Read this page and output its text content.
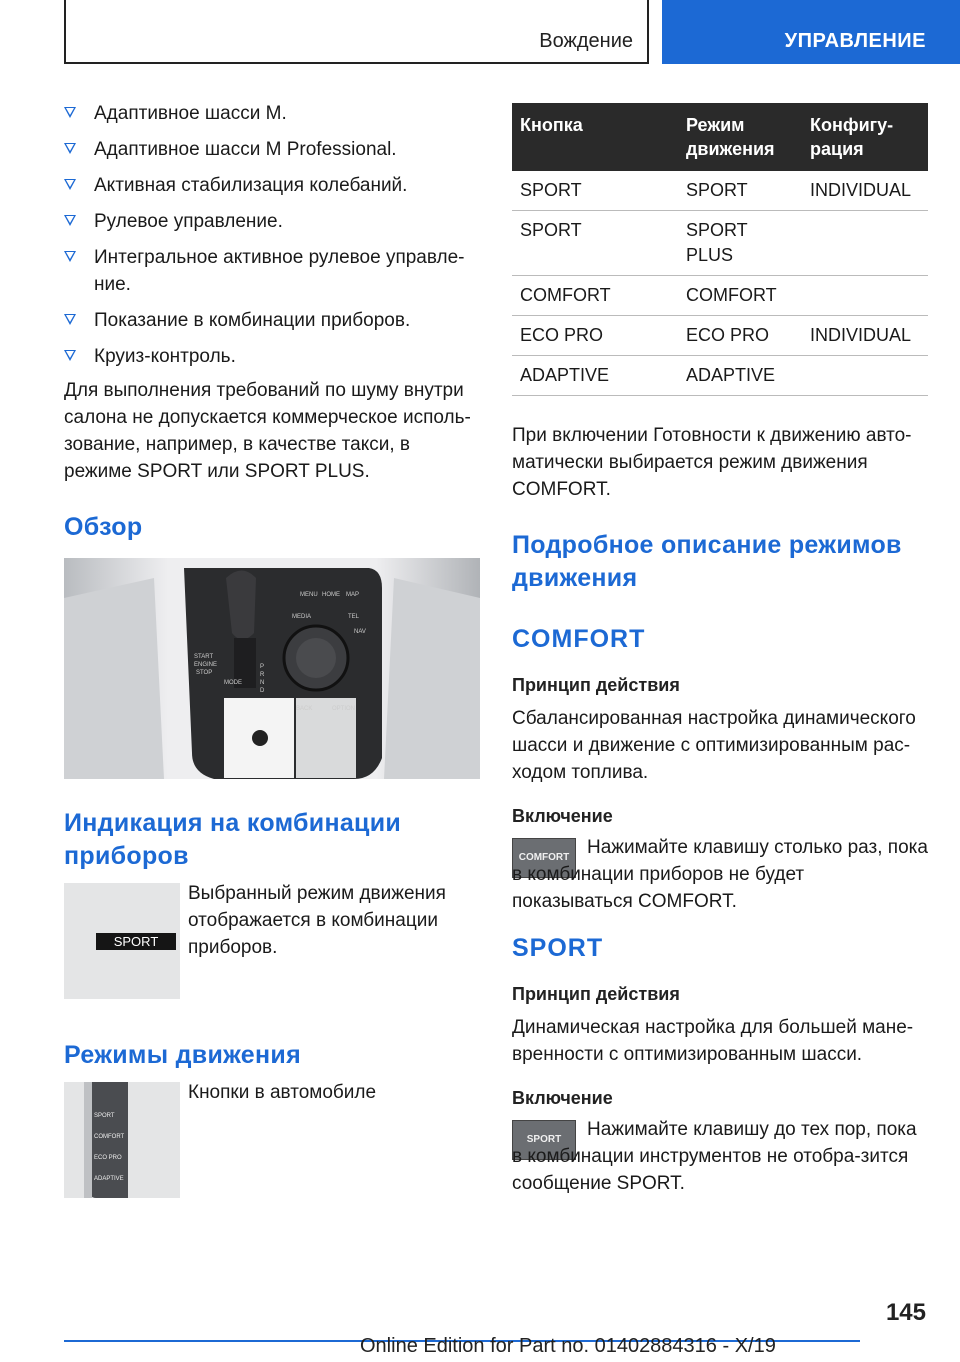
Вождение	УПРАВЛЕНИЕ
Адаптивное шасси M.
Адаптивное шасси M Professional.
Активная стабилизация колебаний.
Рулевое управление.
Интегральное активное рулевое управле-ние.
Показание в комбинации приборов.
Круиз-контроль.

Для выполнения требований по шуму внутри салона не допускается коммерческое исполь-зование, например, в качестве такси, в режиме SPORT или SPORT PLUS.

Обзор
START
ENGINE
STOP
MENU HOME MAP
MEDIA	TEL
NAV
BACK	OPTION
MODE
P
R
N
D
Индикация на комбинации приборов
SPORT

Выбранный режим движения отображается в комбинации приборов.

Режимы движения
SPORT
COMFORT
ECO PRO
ADAPTIVE

Кнопки в автомобиле

Кнопка	Режим движения	Конфигу-рация
SPORT	SPORT	INDIVIDUAL
SPORT	SPORT PLUS	
COMFORT	COMFORT	
ECO PRO	ECO PRO	INDIVIDUAL
ADAPTIVE	ADAPTIVE	

При включении Готовности к движению авто-матически выбирается режим движения COMFORT.

Подробное описание режимов движения
COMFORT
Принцип действия

Сбалансированная настройка динамического шасси и движение с оптимизированным рас-ходом топлива.

Включение
COMFORT Нажимайте клавишу столько раз, пока в комбинации приборов не будет показываться COMFORT.

SPORT
Принцип действия

Динамическая настройка для большей мане-вренности с оптимизированным шасси.

Включение
SPORT	Нажимайте клавишу до тех пор, пока в комбинации инструментов не отобра-зится сообщение SPORT.

145
Online Edition for Part no. 01402884316 - X/19
